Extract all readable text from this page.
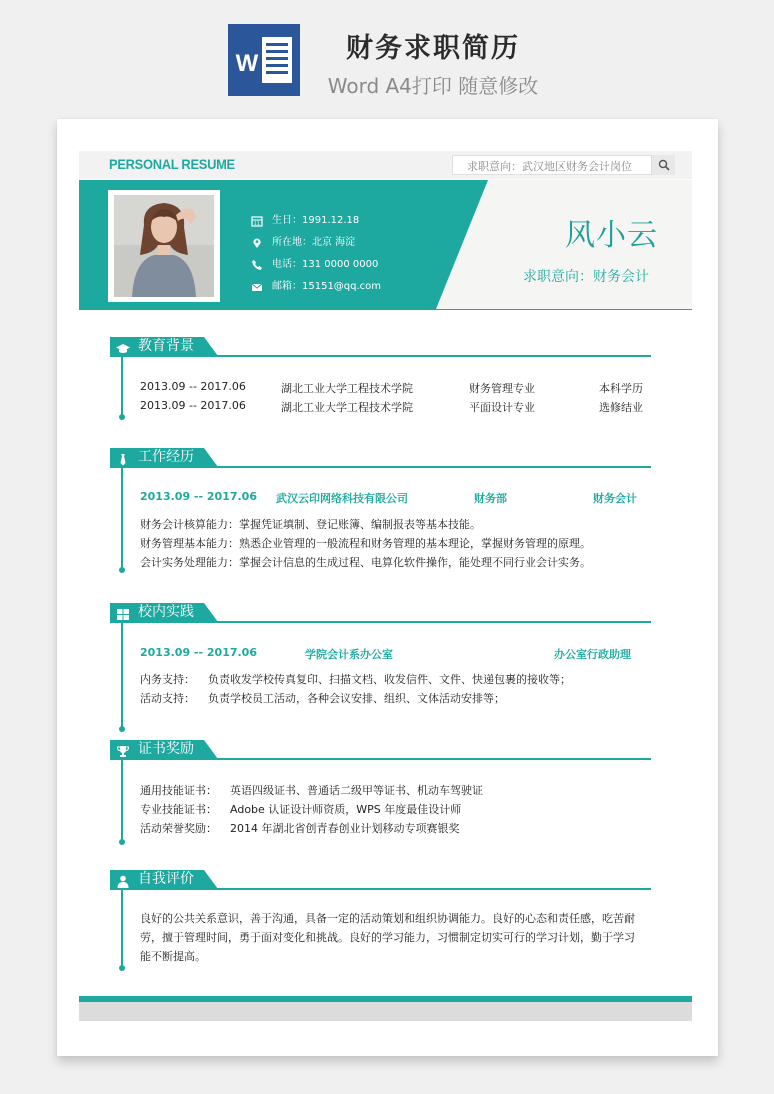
W	财务求职简历
Word A4打印 随意修改
PERSONAL RESUME	求职意向：武汉地区财务会计岗位
11 生日：1991.12.18
所在地：北京 海淀
电话：131 0000 0000
邮箱：15151@qq.com
风小云
求职意向：财务会计
教育背景
2013.09 -- 2017.06	湖北工业大学工程技术学院	财务管理专业	本科学历
2013.09 -- 2017.06	湖北工业大学工程技术学院	平面设计专业	选修结业
工作经历
2013.09 -- 2017.06 武汉云印网络科技有限公司	财务部	财务会计
财务会计核算能力：掌握凭证填制、登记账簿、编制报表等基本技能。
财务管理基本能力：熟悉企业管理的一般流程和财务管理的基本理论，掌握财务管理的原理。
会计实务处理能力：掌握会计信息的生成过程、电算化软件操作，能处理不同行业会计实务。
校内实践
2013.09 -- 2017.06	学院会计系办公室	办公室行政助理
内务支持： 负责收发学校传真复印、扫描文档、收发信件、文件、快递包裹的接收等；
活动支持： 负责学校员工活动，各种会议安排、组织、文体活动安排等；
证书奖励
通用技能证书： 英语四级证书、普通话二级甲等证书、机动车驾驶证
专业技能证书： Adobe 认证设计师资质，WPS 年度最佳设计师
活动荣誉奖励： 2014 年湖北省创青春创业计划移动专项赛银奖
自我评价
良好的公共关系意识，善于沟通，具备一定的活动策划和组织协调能力。良好的心态和责任感，吃苦耐劳，擅于管理时间，勇于面对变化和挑战。良好的学习能力，习惯制定切实可行的学习计划，勤于学习能不断提高。
